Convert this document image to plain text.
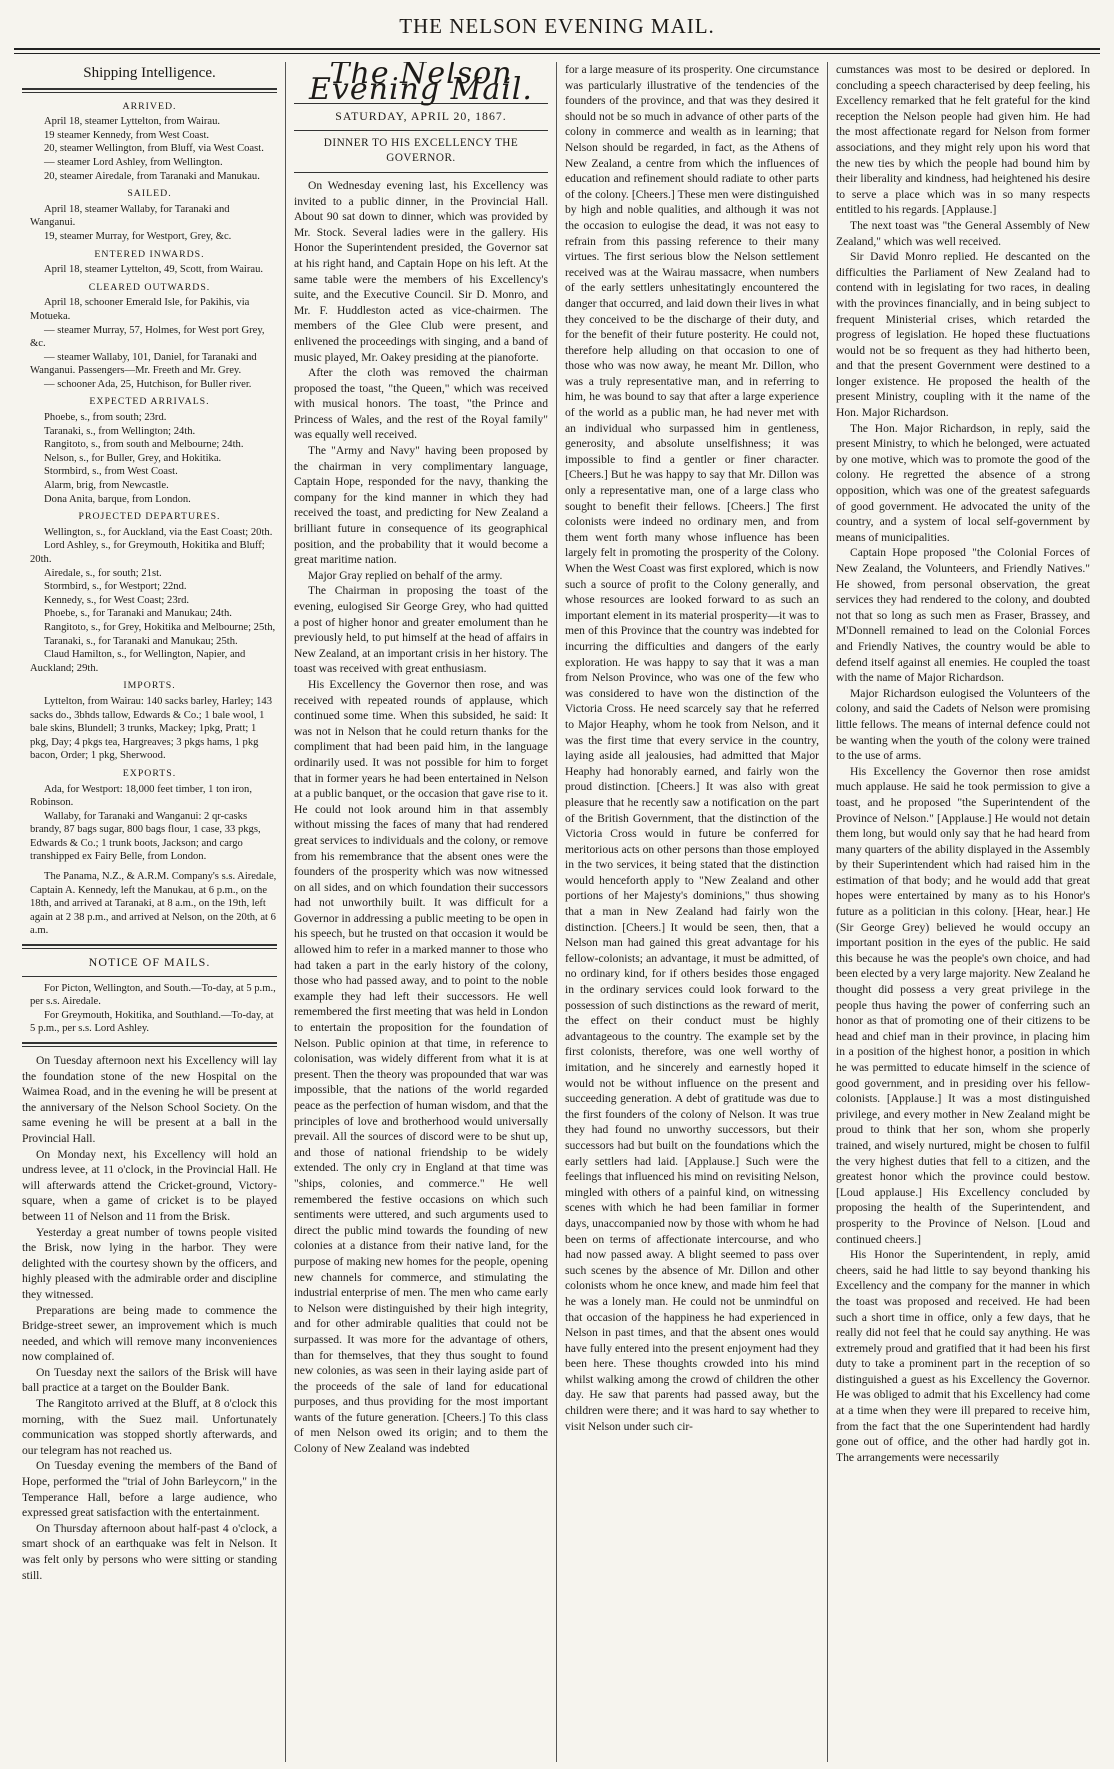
THE NELSON EVENING MAIL.
Shipping Intelligence.
ARRIVED.

April 18, steamer Lyttelton, from Wairau.

19 steamer Kennedy, from West Coast.

20, steamer Wellington, from Bluff, via West Coast.

— steamer Lord Ashley, from Wellington.

20, steamer Airedale, from Taranaki and Manukau.

SAILED.

April 18, steamer Wallaby, for Taranaki and Wanganui.

19, steamer Murray, for Westport, Grey, &c.

ENTERED INWARDS.

April 18, steamer Lyttelton, 49, Scott, from Wairau.

CLEARED OUTWARDS.

April 18, schooner Emerald Isle, for Pakihis, via Motueka.

— steamer Murray, 57, Holmes, for West port Grey, &c.

— steamer Wallaby, 101, Daniel, for Taranaki and Wanganui. Passengers—Mr. Freeth and Mr. Grey.

— schooner Ada, 25, Hutchison, for Buller river.

EXPECTED ARRIVALS.

Phoebe, s., from south; 23rd.

Taranaki, s., from Wellington; 24th.

Rangitoto, s., from south and Melbourne; 24th.

Nelson, s., for Buller, Grey, and Hokitika.

Stormbird, s., from West Coast.

Alarm, brig, from Newcastle.

Dona Anita, barque, from London.

PROJECTED DEPARTURES.

Wellington, s., for Auckland, via the East Coast; 20th.

Lord Ashley, s., for Greymouth, Hokitika and Bluff; 20th.

Airedale, s., for south; 21st.

Stormbird, s., for Westport; 22nd.

Kennedy, s., for West Coast; 23rd.

Phoebe, s., for Taranaki and Manukau; 24th.

Rangitoto, s., for Grey, Hokitika and Melbourne; 25th,

Taranaki, s., for Taranaki and Manukau; 25th.

Claud Hamilton, s., for Wellington, Napier, and Auckland; 29th.

IMPORTS.

Lyttelton, from Wairau: 140 sacks barley, Harley; 143 sacks do., 3bhds tallow, Edwards & Co.; 1 bale wool, 1 bale skins, Blundell; 3 trunks, Mackey; 1pkg, Pratt; 1 pkg, Day; 4 pkgs tea, Hargreaves; 3 pkgs hams, 1 pkg bacon, Order; 1 pkg, Sherwood.

EXPORTS.

Ada, for Westport: 18,000 feet timber, 1 ton iron, Robinson.

Wallaby, for Taranaki and Wanganui: 2 qr-casks brandy, 87 bags sugar, 800 bags flour, 1 case, 33 pkgs, Edwards & Co.; 1 trunk boots, Jackson; and cargo transhipped ex Fairy Belle, from London.

The Panama, N.Z., & A.R.M. Company's s.s. Airedale, Captain A. Kennedy, left the Manukau, at 6 p.m., on the 18th, and arrived at Taranaki, at 8 a.m., on the 19th, left again at 2 38 p.m., and arrived at Nelson, on the 20th, at 6 a.m.

NOTICE OF MAILS.

For Picton, Wellington, and South.—To-day, at 5 p.m., per s.s. Airedale.

For Greymouth, Hokitika, and Southland.—To-day, at 5 p.m., per s.s. Lord Ashley.

On Tuesday afternoon next his Excellency will lay the foundation stone of the new Hospital on the Waimea Road, and in the evening he will be present at the anniversary of the Nelson School Society. On the same evening he will be present at a ball in the Provincial Hall.

On Monday next, his Excellency will hold an undress levee, at 11 o'clock, in the Provincial Hall. He will afterwards attend the Cricket-ground, Victory-square, when a game of cricket is to be played between 11 of Nelson and 11 from the Brisk.

Yesterday a great number of towns people visited the Brisk, now lying in the harbor. They were delighted with the courtesy shown by the officers, and highly pleased with the admirable order and discipline they witnessed.

Preparations are being made to commence the Bridge-street sewer, an improvement which is much needed, and which will remove many inconveniences now complained of.

On Tuesday next the sailors of the Brisk will have ball practice at a target on the Boulder Bank.

The Rangitoto arrived at the Bluff, at 8 o'clock this morning, with the Suez mail. Unfortunately communication was stopped shortly afterwards, and our telegram has not reached us.

On Tuesday evening the members of the Band of Hope, performed the "trial of John Barleycorn," in the Temperance Hall, before a large audience, who expressed great satisfaction with the entertainment.

On Thursday afternoon about half-past 4 o'clock, a smart shock of an earthquake was felt in Nelson. It was felt only by persons who were sitting or standing still.

The Nelson Evening Mail.
SATURDAY, APRIL 20, 1867.
DINNER TO HIS EXCELLENCY THE GOVERNOR.

On Wednesday evening last, his Excellency was invited to a public dinner, in the Provincial Hall. About 90 sat down to dinner, which was provided by Mr. Stock. Several ladies were in the gallery. His Honor the Superintendent presided, the Governor sat at his right hand, and Captain Hope on his left. At the same table were the members of his Excellency's suite, and the Executive Council. Sir D. Monro, and Mr. F. Huddleston acted as vice-chairmen. The members of the Glee Club were present, and enlivened the proceedings with singing, and a band of music played, Mr. Oakey presiding at the pianoforte.

After the cloth was removed the chairman proposed the toast, "the Queen," which was received with musical honors. The toast, "the Prince and Princess of Wales, and the rest of the Royal family" was equally well received.

The "Army and Navy" having been proposed by the chairman in very complimentary language, Captain Hope, responded for the navy, thanking the company for the kind manner in which they had received the toast, and predicting for New Zealand a brilliant future in consequence of its geographical position, and the probability that it would become a great maritime nation.

Major Gray replied on behalf of the army.

The Chairman in proposing the toast of the evening, eulogised Sir George Grey, who had quitted a post of higher honor and greater emolument than he previously held, to put himself at the head of affairs in New Zealand, at an important crisis in her history. The toast was received with great enthusiasm.

His Excellency the Governor then rose, and was received with repeated rounds of applause, which continued some time. When this subsided, he said: It was not in Nelson that he could return thanks for the compliment that had been paid him, in the language ordinarily used. It was not possible for him to forget that in former years he had been entertained in Nelson at a public banquet, or the occasion that gave rise to it. He could not look around him in that assembly without missing the faces of many that had rendered great services to individuals and the colony, or remove from his remembrance that the absent ones were the founders of the prosperity which was now witnessed on all sides, and on which foundation their successors had not unworthily built. It was difficult for a Governor in addressing a public meeting to be open in his speech, but he trusted on that occasion it would be allowed him to refer in a marked manner to those who had taken a part in the early history of the colony, those who had passed away, and to point to the noble example they had left their successors. He well remembered the first meeting that was held in London to entertain the proposition for the foundation of Nelson. Public opinion at that time, in reference to colonisation, was widely different from what it is at present. Then the theory was propounded that war was impossible, that the nations of the world regarded peace as the perfection of human wisdom, and that the principles of love and brotherhood would universally prevail. All the sources of discord were to be shut up, and those of national friendship to be widely extended. The only cry in England at that time was "ships, colonies, and commerce." He well remembered the festive occasions on which such sentiments were uttered, and such arguments used to direct the public mind towards the founding of new colonies at a distance from their native land, for the purpose of making new homes for the people, opening new channels for commerce, and stimulating the industrial enterprise of men. The men who came early to Nelson were distinguished by their high integrity, and for other admirable qualities that could not be surpassed. It was more for the advantage of others, than for themselves, that they thus sought to found new colonies, as was seen in their laying aside part of the proceeds of the sale of land for educational purposes, and thus providing for the most important wants of the future generation. [Cheers.] To this class of men Nelson owed its origin; and to them the Colony of New Zealand was indebted

for a large measure of its prosperity. One circumstance was particularly illustrative of the tendencies of the founders of the province, and that was they desired it should not be so much in advance of other parts of the colony in commerce and wealth as in learning; that Nelson should be regarded, in fact, as the Athens of New Zealand, a centre from which the influences of education and refinement should radiate to other parts of the colony. [Cheers.] These men were distinguished by high and noble qualities, and although it was not the occasion to eulogise the dead, it was not easy to refrain from this passing reference to their many virtues. The first serious blow the Nelson settlement received was at the Wairau massacre, when numbers of the early settlers unhesitatingly encountered the danger that occurred, and laid down their lives in what they conceived to be the discharge of their duty, and for the benefit of their future posterity. He could not, therefore help alluding on that occasion to one of those who was now away, he meant Mr. Dillon, who was a truly representative man, and in referring to him, he was bound to say that after a large experience of the world as a public man, he had never met with an individual who surpassed him in gentleness, generosity, and absolute unselfishness; it was impossible to find a gentler or finer character. [Cheers.] But he was happy to say that Mr. Dillon was only a representative man, one of a large class who sought to benefit their fellows. [Cheers.] The first colonists were indeed no ordinary men, and from them went forth many whose influence has been largely felt in promoting the prosperity of the Colony. When the West Coast was first explored, which is now such a source of profit to the Colony generally, and whose resources are looked forward to as such an important element in its material prosperity—it was to men of this Province that the country was indebted for incurring the difficulties and dangers of the early exploration. He was happy to say that it was a man from Nelson Province, who was one of the few who was considered to have won the distinction of the Victoria Cross. He need scarcely say that he referred to Major Heaphy, whom he took from Nelson, and it was the first time that every service in the country, laying aside all jealousies, had admitted that Major Heaphy had honorably earned, and fairly won the proud distinction. [Cheers.] It was also with great pleasure that he recently saw a notification on the part of the British Government, that the distinction of the Victoria Cross would in future be conferred for meritorious acts on other persons than those employed in the two services, it being stated that the distinction would henceforth apply to "New Zealand and other portions of her Majesty's dominions," thus showing that a man in New Zealand had fairly won the distinction. [Cheers.] It would be seen, then, that a Nelson man had gained this great advantage for his fellow-colonists; an advantage, it must be admitted, of no ordinary kind, for if others besides those engaged in the ordinary services could look forward to the possession of such distinctions as the reward of merit, the effect on their conduct must be highly advantageous to the country. The example set by the first colonists, therefore, was one well worthy of imitation, and he sincerely and earnestly hoped it would not be without influence on the present and succeeding generation. A debt of gratitude was due to the first founders of the colony of Nelson. It was true they had found no unworthy successors, but their successors had but built on the foundations which the early settlers had laid. [Applause.] Such were the feelings that influenced his mind on revisiting Nelson, mingled with others of a painful kind, on witnessing scenes with which he had been familiar in former days, unaccompanied now by those with whom he had been on terms of affectionate intercourse, and who had now passed away. A blight seemed to pass over such scenes by the absence of Mr. Dillon and other colonists whom he once knew, and made him feel that he was a lonely man. He could not be unmindful on that occasion of the happiness he had experienced in Nelson in past times, and that the absent ones would have fully entered into the present enjoyment had they been here. These thoughts crowded into his mind whilst walking among the crowd of children the other day. He saw that parents had passed away, but the children were there; and it was hard to say whether to visit Nelson under such cir-

cumstances was most to be desired or deplored. In concluding a speech characterised by deep feeling, his Excellency remarked that he felt grateful for the kind reception the Nelson people had given him. He had the most affectionate regard for Nelson from former associations, and they might rely upon his word that the new ties by which the people had bound him by their liberality and kindness, had heightened his desire to serve a place which was in so many respects entitled to his regards. [Applause.]

The next toast was "the General Assembly of New Zealand," which was well received.

Sir David Monro replied. He descanted on the difficulties the Parliament of New Zealand had to contend with in legislating for two races, in dealing with the provinces financially, and in being subject to frequent Ministerial crises, which retarded the progress of legislation. He hoped these fluctuations would not be so frequent as they had hitherto been, and that the present Government were destined to a longer existence. He proposed the health of the present Ministry, coupling with it the name of the Hon. Major Richardson.

The Hon. Major Richardson, in reply, said the present Ministry, to which he belonged, were actuated by one motive, which was to promote the good of the colony. He regretted the absence of a strong opposition, which was one of the greatest safeguards of good government. He advocated the unity of the country, and a system of local self-government by means of municipalities.

Captain Hope proposed "the Colonial Forces of New Zealand, the Volunteers, and Friendly Natives." He showed, from personal observation, the great services they had rendered to the colony, and doubted not that so long as such men as Fraser, Brassey, and M'Donnell remained to lead on the Colonial Forces and Friendly Natives, the country would be able to defend itself against all enemies. He coupled the toast with the name of Major Richardson.

Major Richardson eulogised the Volunteers of the colony, and said the Cadets of Nelson were promising little fellows. The means of internal defence could not be wanting when the youth of the colony were trained to the use of arms.

His Excellency the Governor then rose amidst much applause. He said he took permission to give a toast, and he proposed "the Superintendent of the Province of Nelson." [Applause.] He would not detain them long, but would only say that he had heard from many quarters of the ability displayed in the Assembly by their Superintendent which had raised him in the estimation of that body; and he would add that great hopes were entertained by many as to his Honor's future as a politician in this colony. [Hear, hear.] He (Sir George Grey) believed he would occupy an important position in the eyes of the public. He said this because he was the people's own choice, and had been elected by a very large majority. New Zealand he thought did possess a very great privilege in the people thus having the power of conferring such an honor as that of promoting one of their citizens to be head and chief man in their province, in placing him in a position of the highest honor, a position in which he was permitted to educate himself in the science of good government, and in presiding over his fellow-colonists. [Applause.] It was a most distinguished privilege, and every mother in New Zealand might be proud to think that her son, whom she properly trained, and wisely nurtured, might be chosen to fulfil the very highest duties that fell to a citizen, and the greatest honor which the province could bestow. [Loud applause.] His Excellency concluded by proposing the health of the Superintendent, and prosperity to the Province of Nelson. [Loud and continued cheers.]

His Honor the Superintendent, in reply, amid cheers, said he had little to say beyond thanking his Excellency and the company for the manner in which the toast was proposed and received. He had been such a short time in office, only a few days, that he really did not feel that he could say anything. He was extremely proud and gratified that it had been his first duty to take a prominent part in the reception of so distinguished a guest as his Excellency the Governor. He was obliged to admit that his Excellency had come at a time when they were ill prepared to receive him, from the fact that the one Superintendent had hardly gone out of office, and the other had hardly got in. The arrangements were necessarily
